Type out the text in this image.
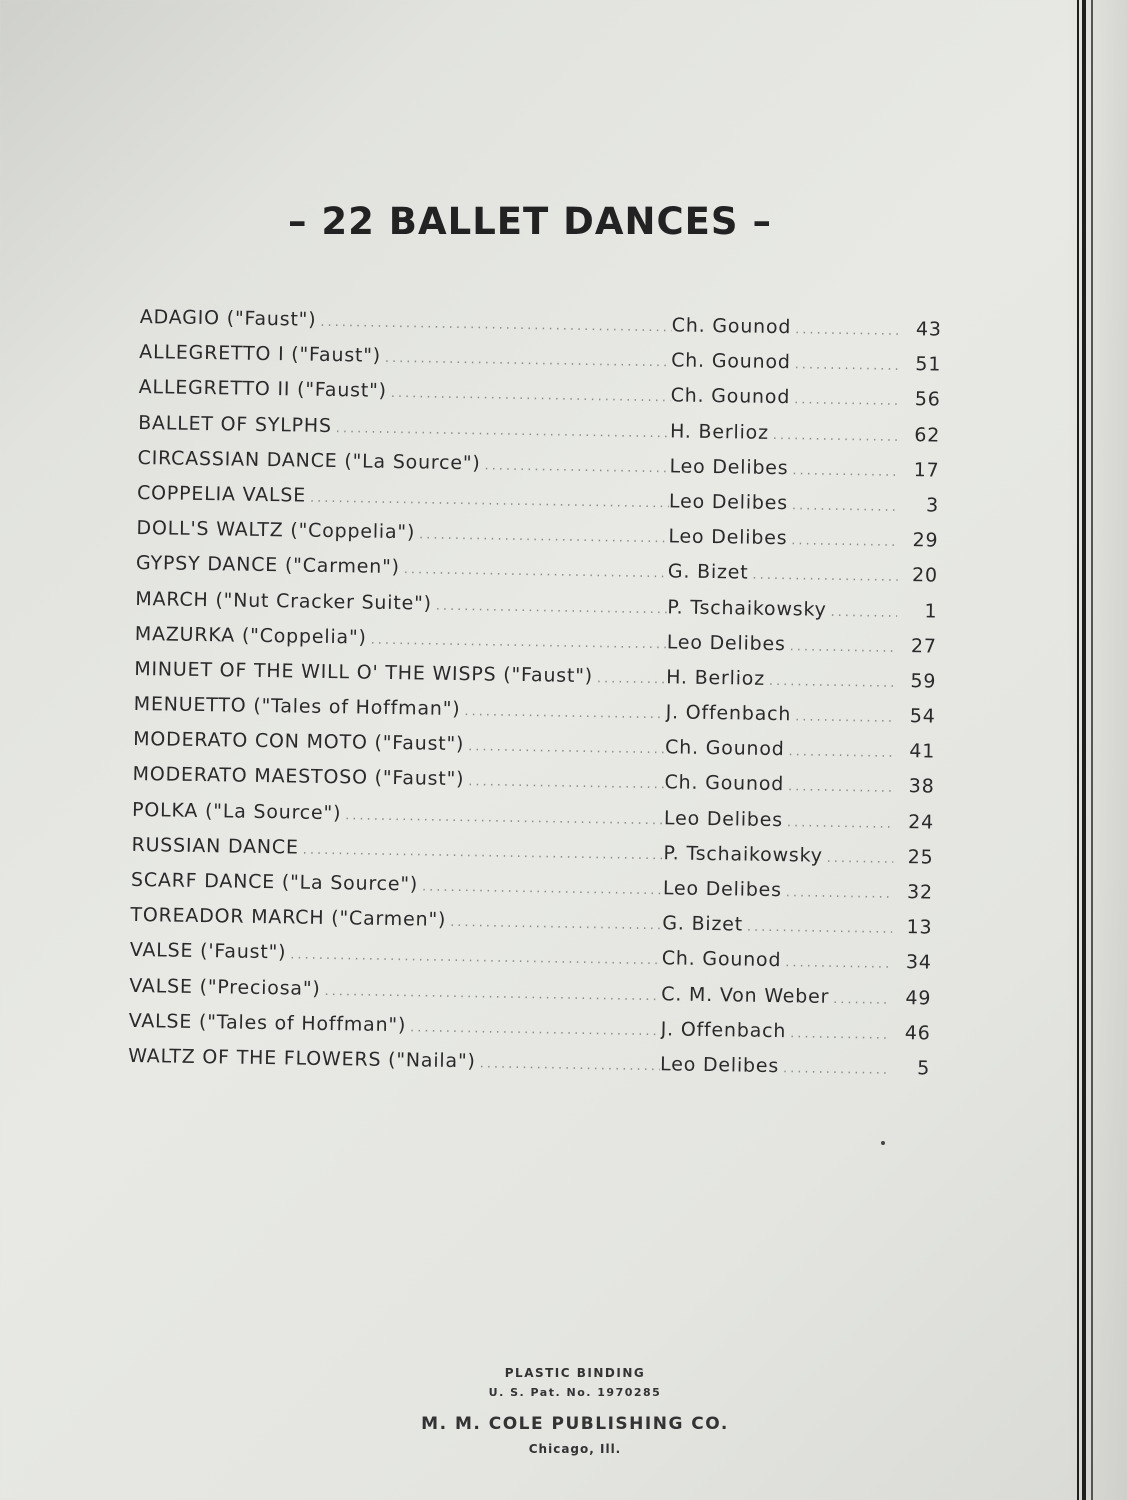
– 22 BALLET DANCES –
ADAGIO ("Faust") .....	Ch. Gounod .....	43
ALLEGRETTO I ("Faust") .....	Ch. Gounod .....	51
ALLEGRETTO II ("Faust") .....	Ch. Gounod .....	56
BALLET OF SYLPHS .....	H. Berlioz .....	62
CIRCASSIAN DANCE ("La Source") .....	Leo Delibes .....	17
COPPELIA VALSE .....	Leo Delibes .....	3
DOLL'S WALTZ ("Coppelia") .....	Leo Delibes .....	29
GYPSY DANCE ("Carmen") .....	G. Bizet .....	20
MARCH ("Nut Cracker Suite") .....	P. Tschaikowsky .....	1
MAZURKA ("Coppelia") .....	Leo Delibes .....	27
MINUET OF THE WILL O' THE WISPS ("Faust") .....	H. Berlioz .....	59
MENUETTO ("Tales of Hoffman") .....	J. Offenbach .....	54
MODERATO CON MOTO ("Faust") .....	Ch. Gounod .....	41
MODERATO MAESTOSO ("Faust") .....	Ch. Gounod .....	38
POLKA ("La Source") .....	Leo Delibes .....	24
RUSSIAN DANCE .....	P. Tschaikowsky .....	25
SCARF DANCE ("La Source") .....	Leo Delibes .....	32
TOREADOR MARCH ("Carmen") .....	G. Bizet .....	13
VALSE ('Faust") .....	Ch. Gounod .....	34
VALSE ("Preciosa") .....	C. M. Von Weber .....	49
VALSE ("Tales of Hoffman") .....	J. Offenbach .....	46
WALTZ OF THE FLOWERS ("Naila") .....	Leo Delibes .....	5
PLASTIC BINDING
U. S. Pat. No. 1970285
M. M. COLE PUBLISHING CO.
Chicago, Ill.
